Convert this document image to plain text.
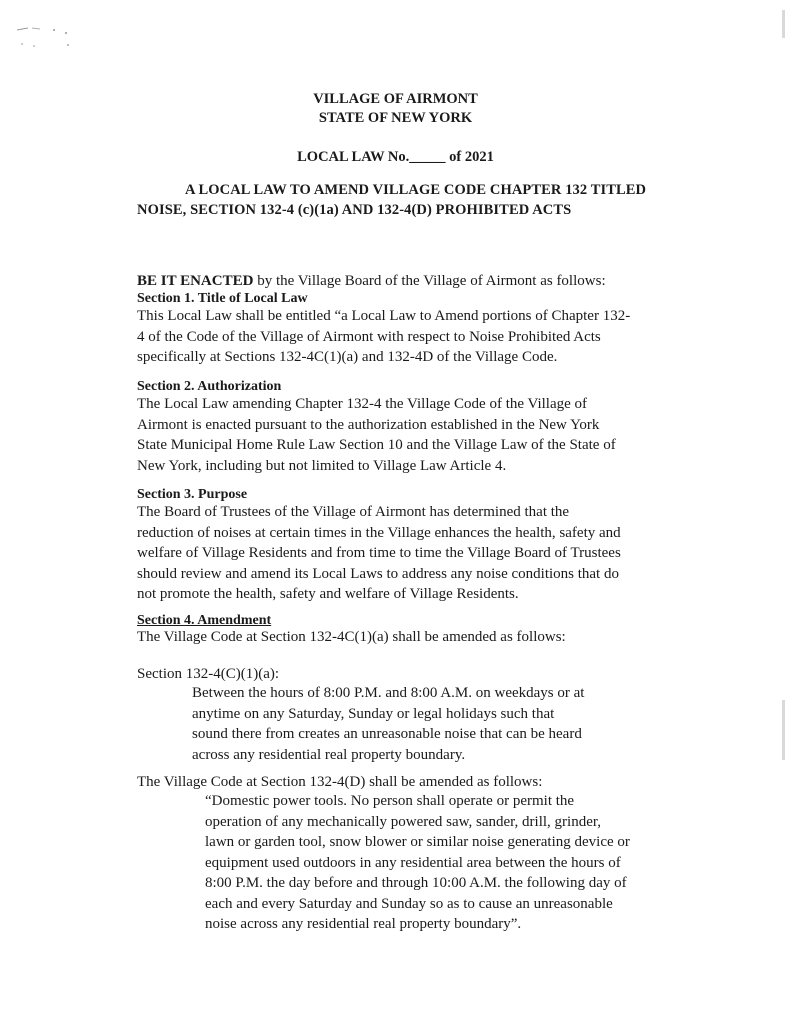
VILLAGE OF AIRMONT
STATE OF NEW YORK
LOCAL LAW No._____ of 2021
A LOCAL LAW TO AMEND VILLAGE CODE CHAPTER 132 TITLED NOISE, SECTION 132-4 (c)(1a) AND 132-4(D) PROHIBITED ACTS

BE IT ENACTED by the Village Board of the Village of Airmont as follows:

Section 1. Title of Local Law
This Local Law shall be entitled “a Local Law to Amend portions of Chapter 132-
4 of the Code of the Village of Airmont with respect to Noise Prohibited Acts
specifically at Sections 132-4C(1)(a) and 132-4D of the Village Code.
Section 2. Authorization
The Local Law amending Chapter 132-4 the Village Code of the Village of
Airmont is enacted pursuant to the authorization established in the New York
State Municipal Home Rule Law Section 10 and the Village Law of the State of
New York, including but not limited to Village Law Article 4.
Section 3. Purpose
The Board of Trustees of the Village of Airmont has determined that the
reduction of noises at certain times in the Village enhances the health, safety and
welfare of Village Residents and from time to time the Village Board of Trustees
should review and amend its Local Laws to address any noise conditions that do
not promote the health, safety and welfare of Village Residents.
Section 4. Amendment
The Village Code at Section 132-4C(1)(a) shall be amended as follows:
Section 132-4(C)(1)(a):
Between the hours of 8:00 P.M. and 8:00 A.M. on weekdays or at
anytime on any Saturday, Sunday or legal holidays such that
sound there from creates an unreasonable noise that can be heard
across any residential real property boundary.
The Village Code at Section 132-4(D) shall be amended as follows:
“Domestic power tools. No person shall operate or permit the
operation of any mechanically powered saw, sander, drill, grinder,
lawn or garden tool, snow blower or similar noise generating device or
equipment used outdoors in any residential area between the hours of
8:00 P.M. the day before and through 10:00 A.M. the following day of
each and every Saturday and Sunday so as to cause an unreasonable
noise across any residential real property boundary”.
